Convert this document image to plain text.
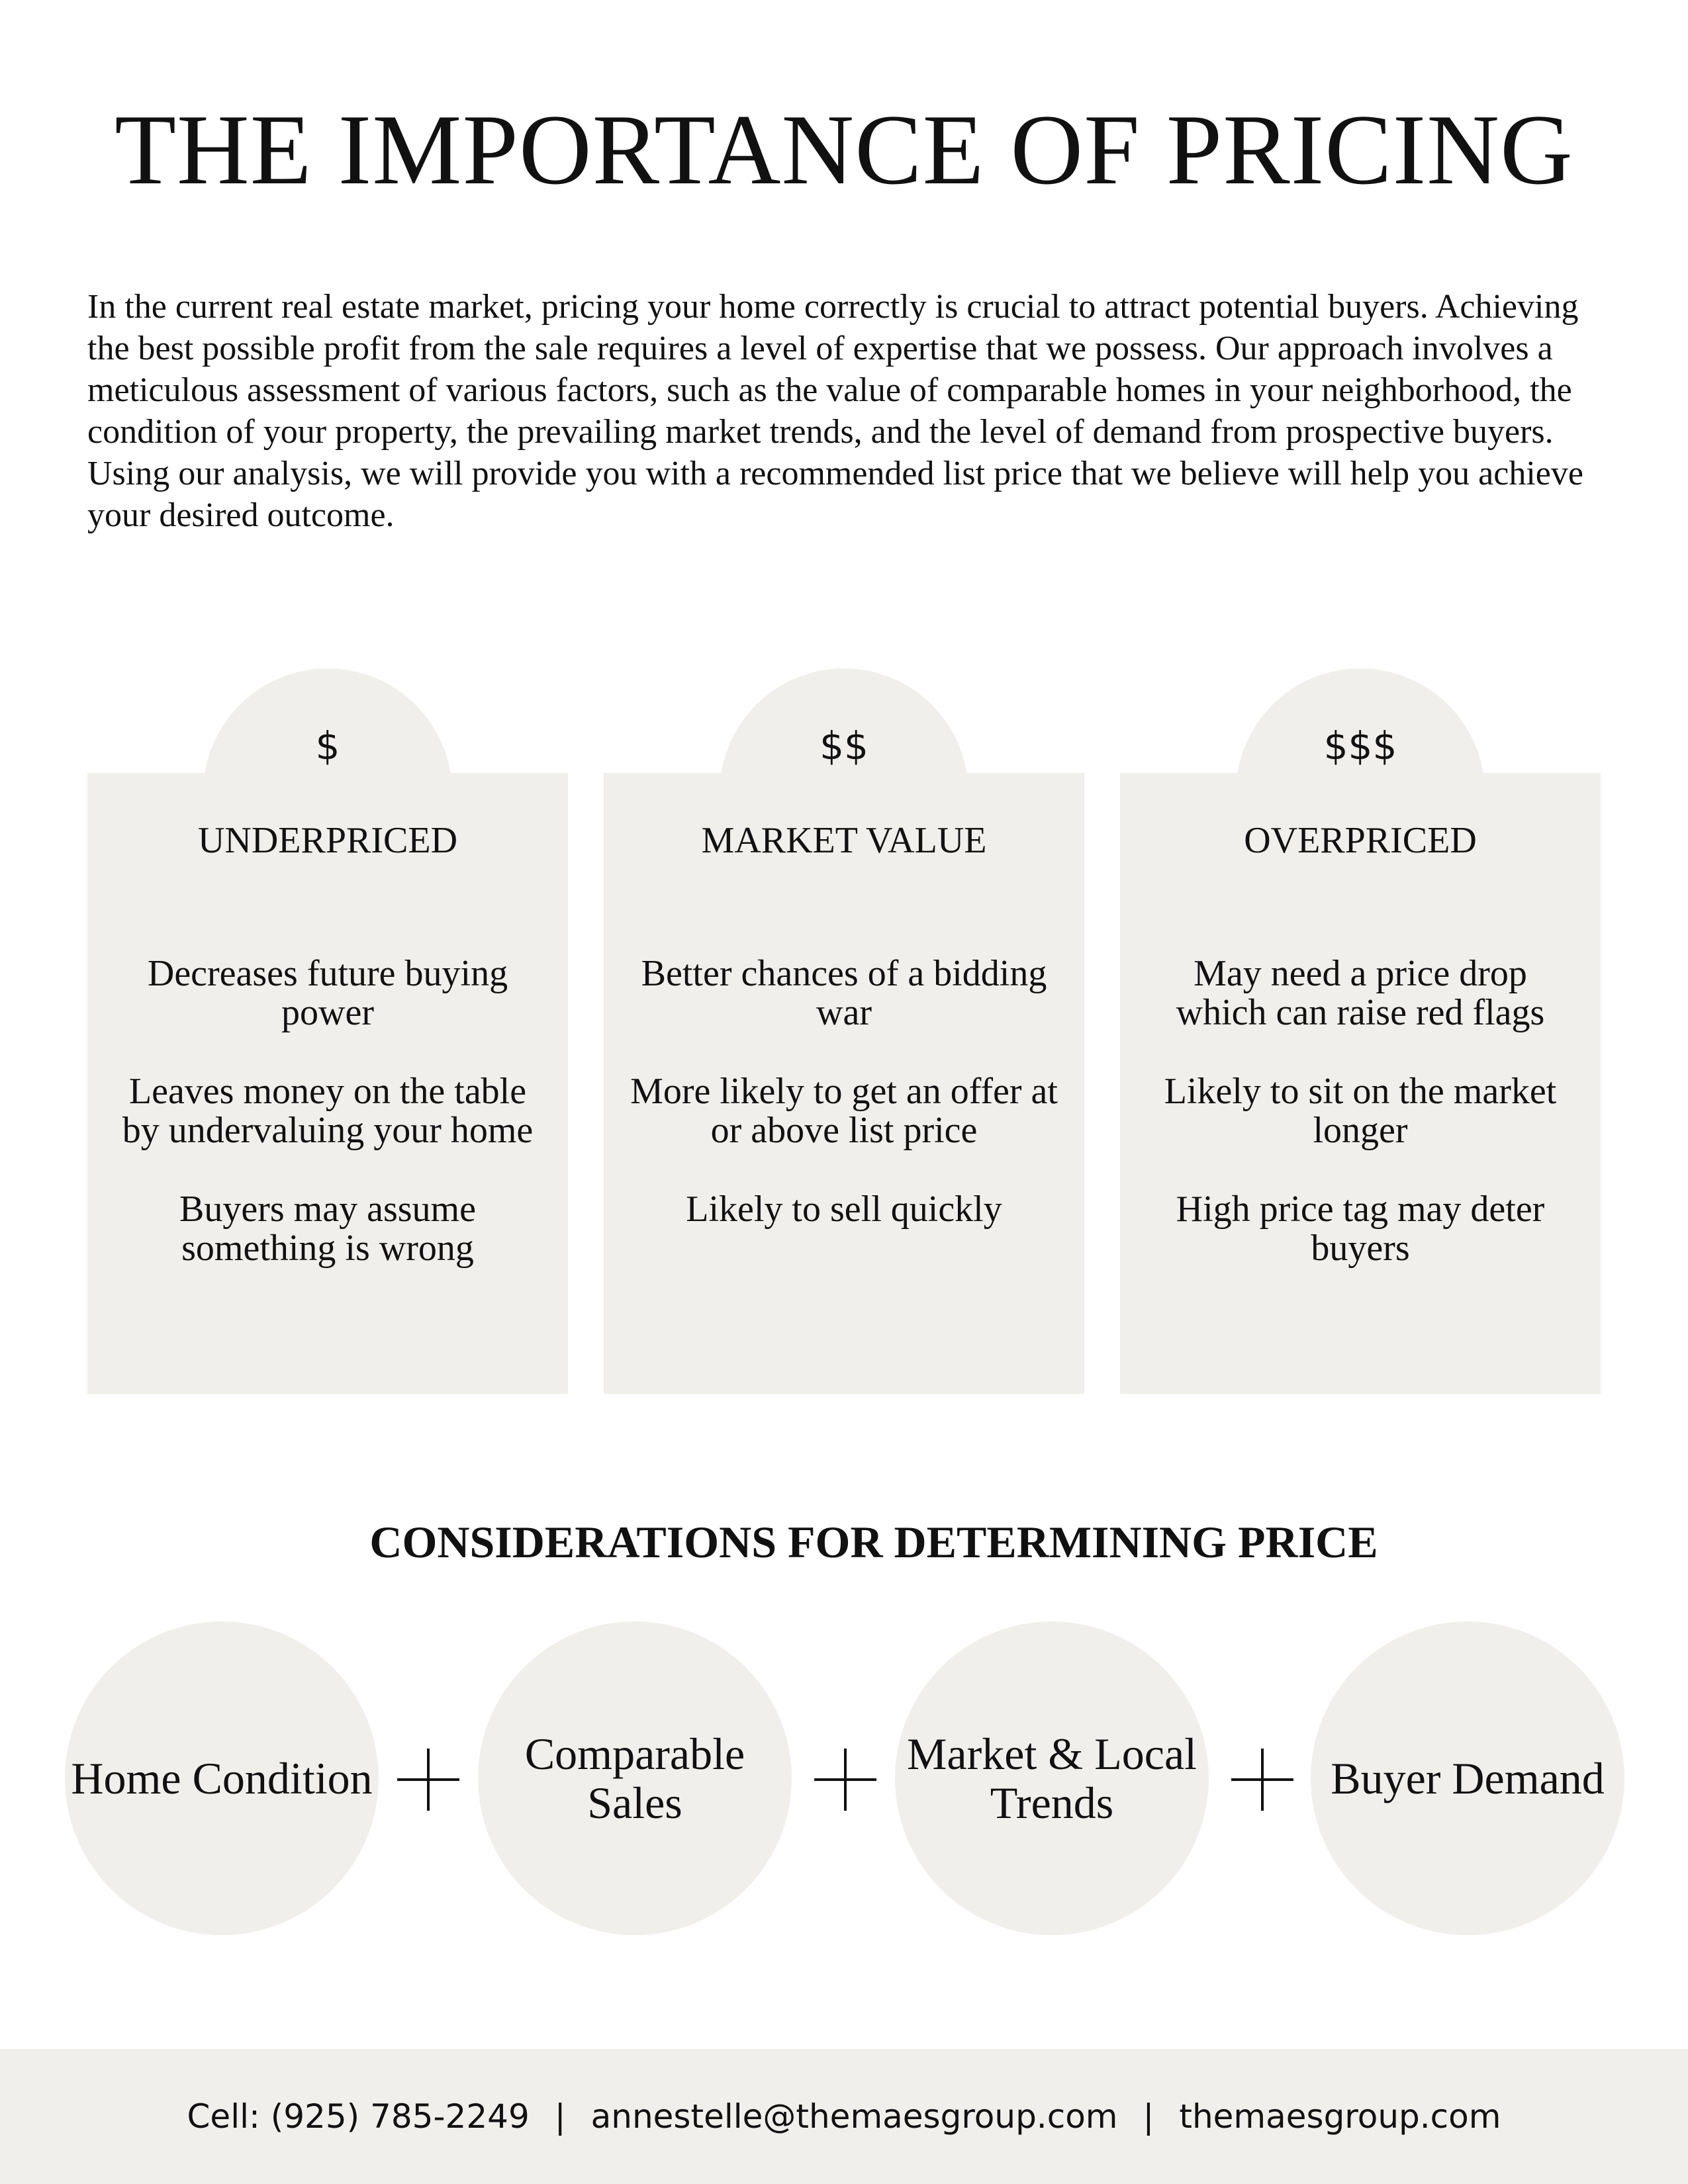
THE IMPORTANCE OF PRICING

In the current real estate market, pricing your home correctly is crucial to attract potential buyers. Achieving the best possible profit from the sale requires a level of expertise that we possess. Our approach involves a meticulous assessment of various factors, such as the value of comparable homes in your neighborhood, the condition of your property, the prevailing market trends, and the level of demand from prospective buyers. Using our analysis, we will provide you with a recommended list price that we believe will help you achieve your desired outcome.

$
UNDERPRICED

Decreases future buying power

Leaves money on the table by undervaluing your home

Buyers may assume something is wrong

$$
MARKET VALUE

Better chances of a bidding war

More likely to get an offer at or above list price

Likely to sell quickly

$$$
OVERPRICED

May need a price drop which can raise red flags

Likely to sit on the market longer

High price tag may deter buyers

CONSIDERATIONS FOR DETERMINING PRICE
Home Condition	Comparable Sales
Market & Local Trends	Buyer Demand
Cell: (925) 785-2249 | annestelle@themaesgroup.com | themaesgroup.com
